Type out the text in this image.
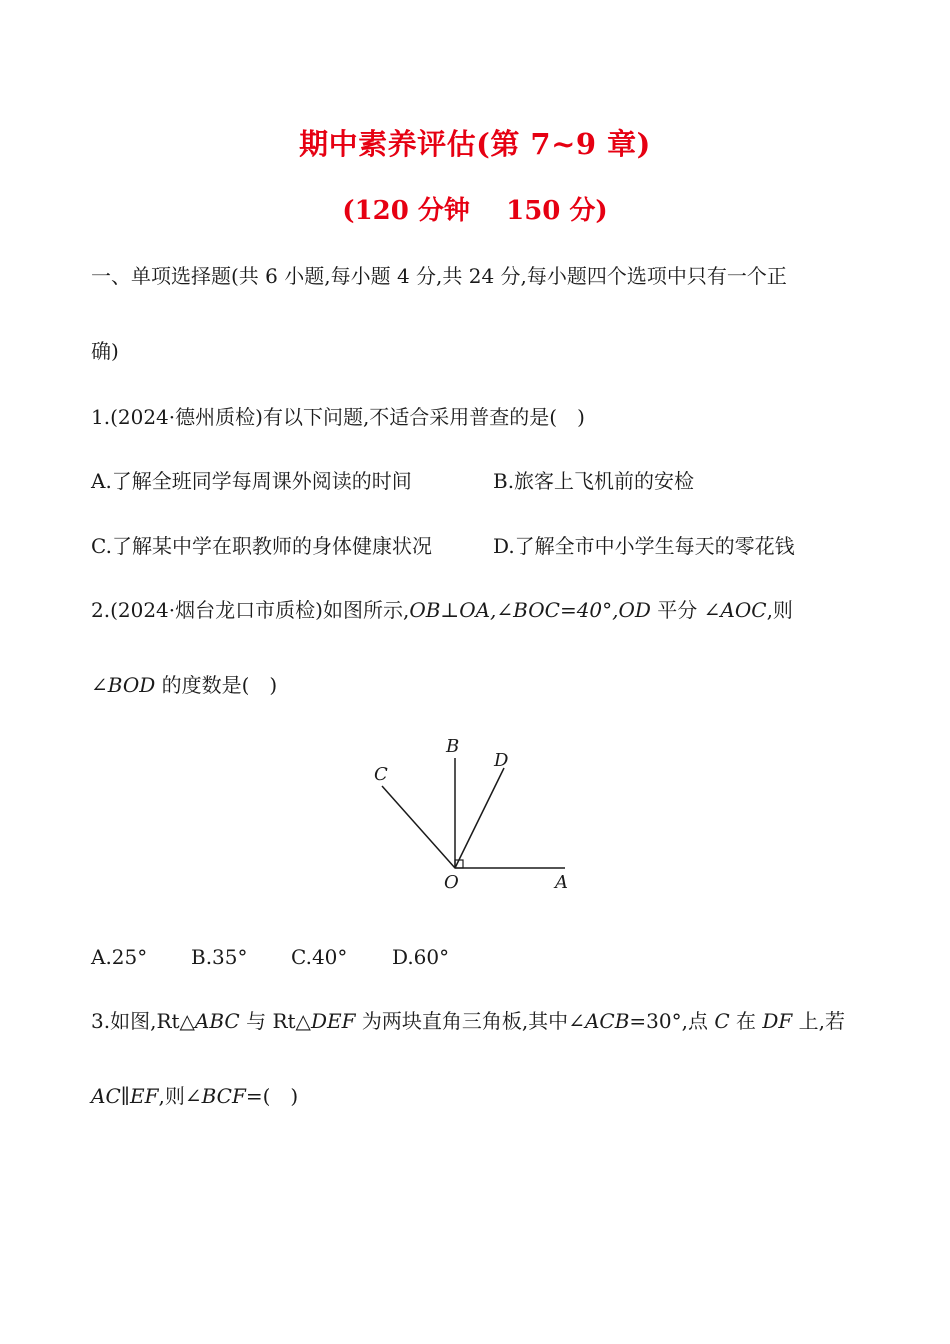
期中素养评估(第 7~9 章)
(120 分钟    150 分)
一、单项选择题(共 6 小题,每小题 4 分,共 24 分,每小题四个选项中只有一个正
确)
1.(2024·德州质检)有以下问题,不适合采用普查的是(　)
A.了解全班同学每周课外阅读的时间	B.旅客上飞机前的安检
C.了解某中学在职教师的身体健康状况	D.了解全市中小学生每天的零花钱
2.(2024·烟台龙口市质检)如图所示,OB⊥OA,∠BOC=40°,OD 平分 ∠AOC,则
∠BOD 的度数是(　)
B
C
D
O	A
A.25° B.35° C.40° D.60°
3.如图,Rt△ABC 与 Rt△DEF 为两块直角三角板,其中∠ACB=30°,点 C 在 DF 上,若
AC∥EF,则∠BCF=(　)
